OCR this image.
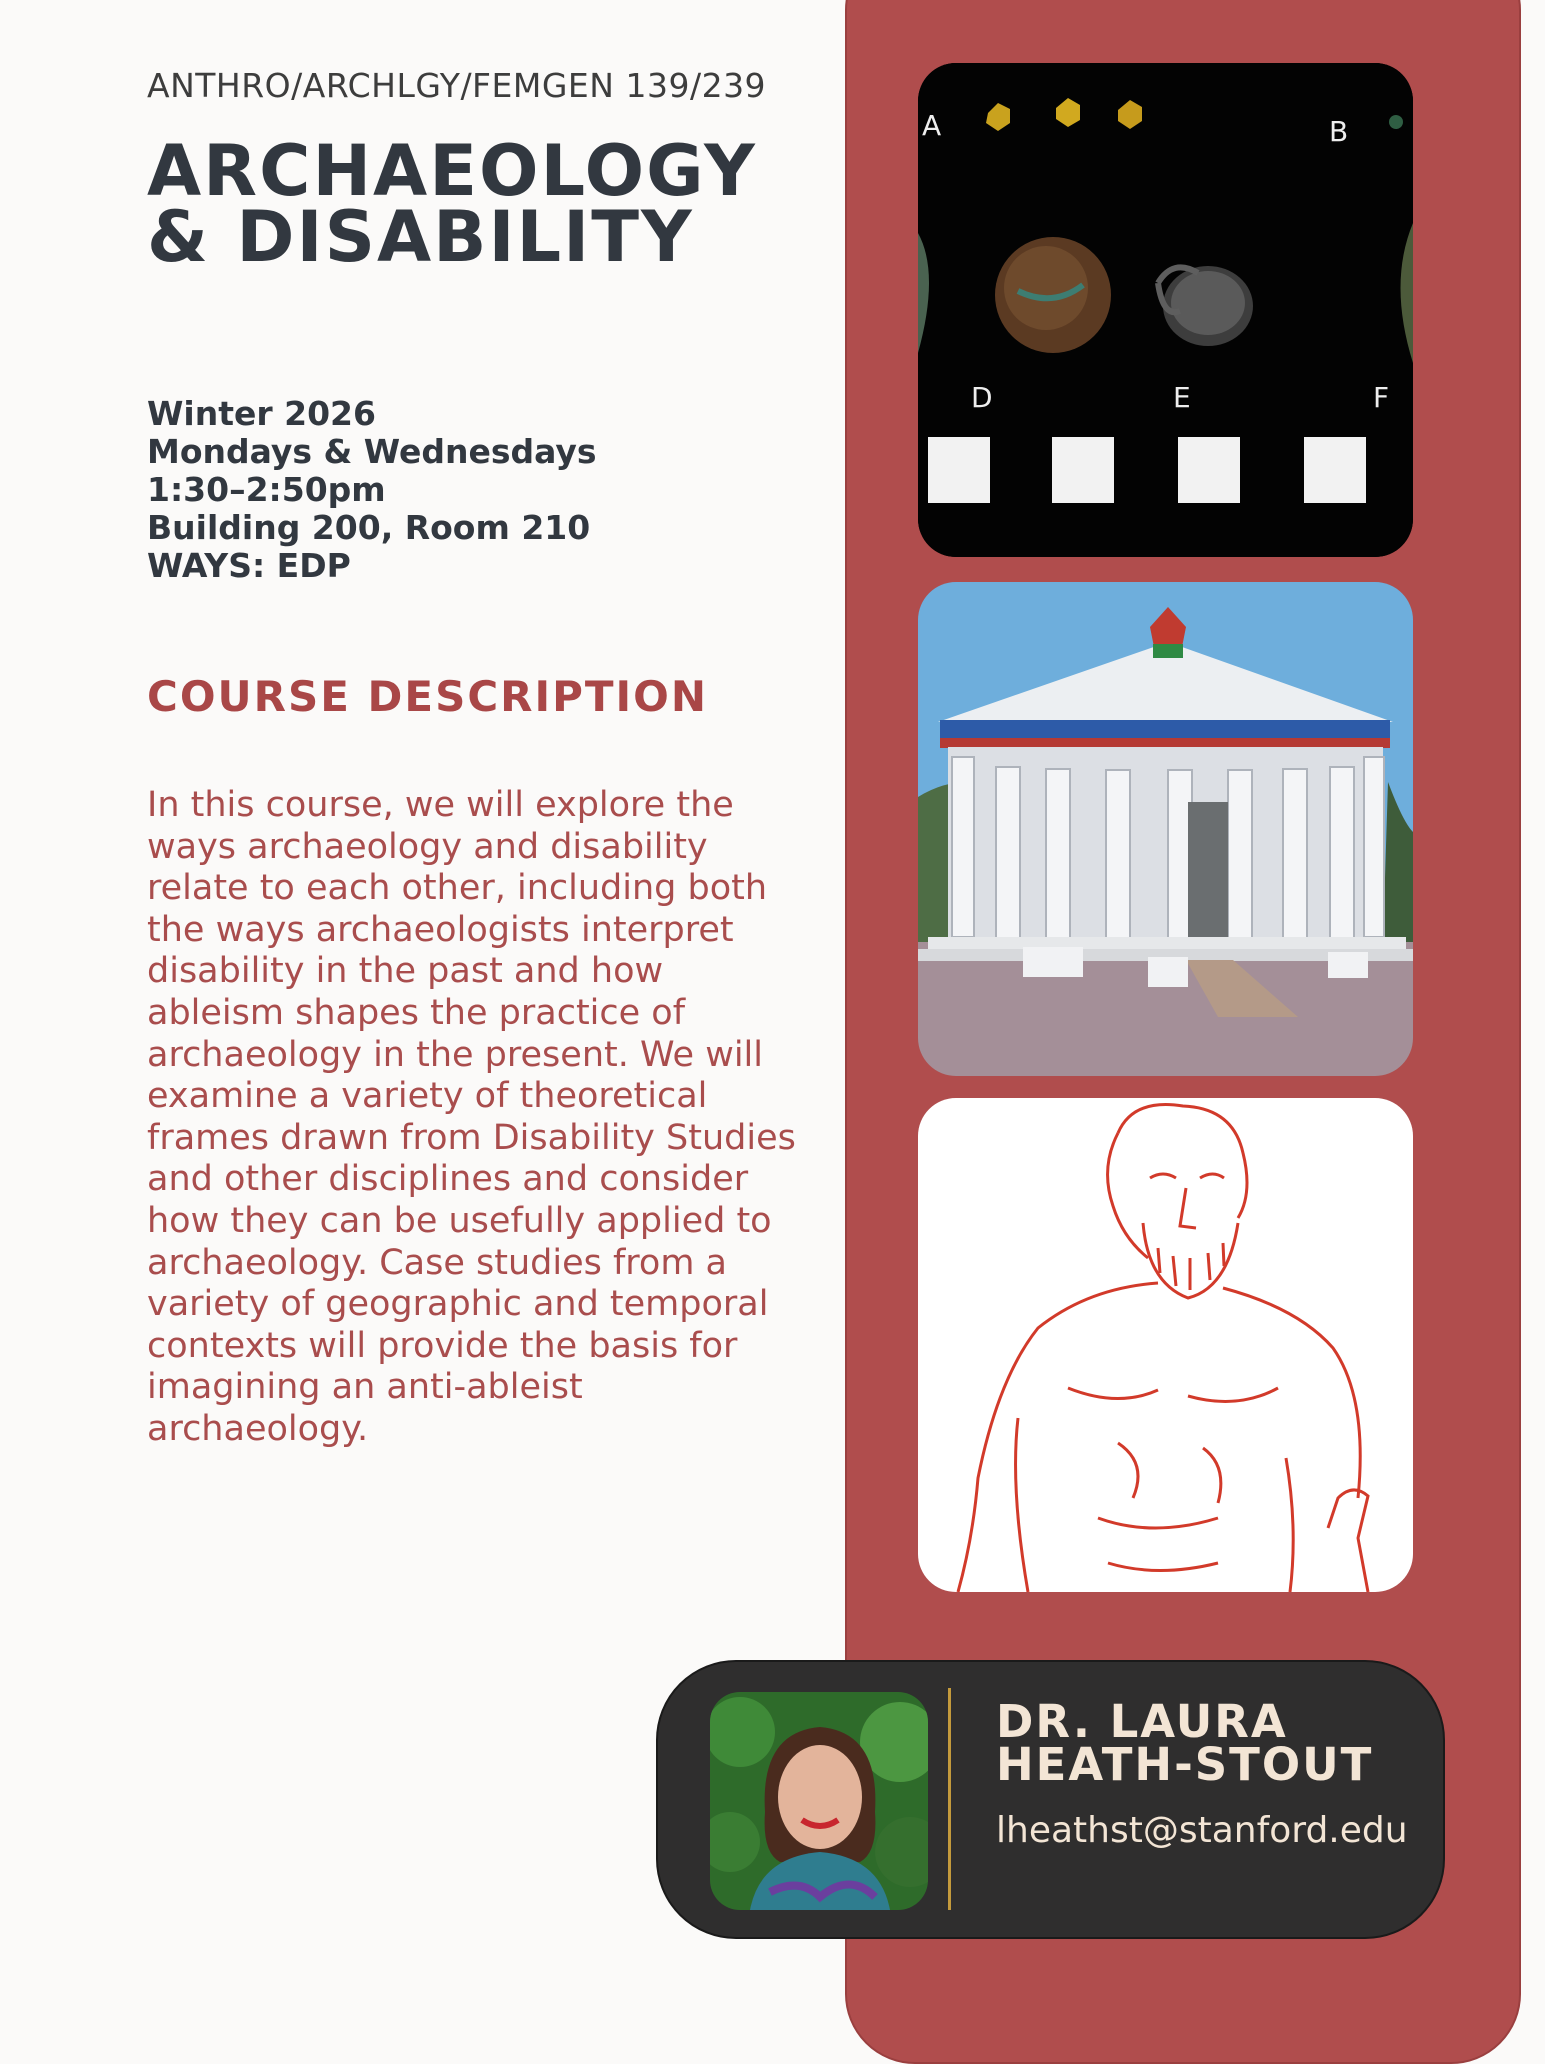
ANTHRO/ARCHLGY/FEMGEN 139/239
ARCHAEOLOGY
& DISABILITY
Winter 2026
Mondays & Wednesdays
1:30–2:50pm
Building 200, Room 210
WAYS: EDP
COURSE DESCRIPTION

In this course, we will explore the ways archaeology and disability relate to each other, including both the ways archaeologists interpret disability in the past and how ableism shapes the practice of archaeology in the present. We will examine a variety of theoretical frames drawn from Disability Studies and other disciplines and consider how they can be usefully applied to archaeology. Case studies from a variety of geographic and temporal contexts will provide the basis for imagining an anti-ableist archaeology.

A	B
D	E	F
DR. LAURA
HEATH-STOUT
lheathst@stanford.edu
